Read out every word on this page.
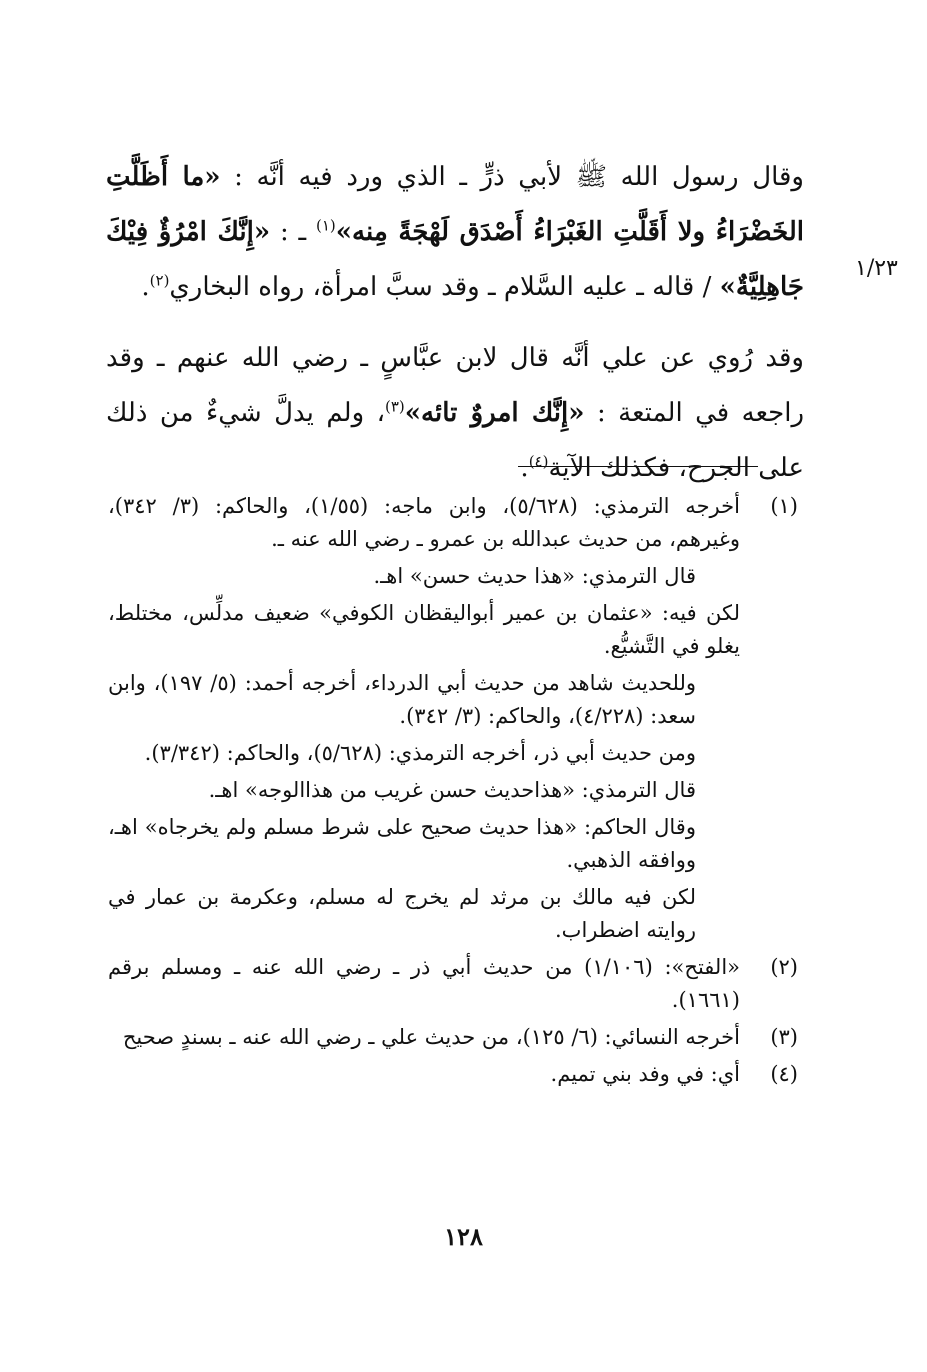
وقال رسول الله ﷺ لأبي ذرٍّ ـ الذي ورد فيه أنَّه : «ما أَظَلَّتِ الخَضْرَاءُ ولا أَقَلَّتِ الغَبْرَاءُ أَصْدَق لَهْجَةً مِنه»$^{(١)}$ ـ : «إِنَّكَ امْرُؤٌ فِيْكَ جَاهِلِيَّةٌ» / قاله ـ عليه السَّلام ـ وقد سبَّ امرأة، رواه البخاري$^{(٢)}$.

وقد رُوي عن علي أنَّه قال لابن عبَّاسٍ ـ رضي الله عنهم ـ وقد راجعه في المتعة : «إِنَّك امروٌ تائه»$^{(٣)}$، ولم يدلَّ شيءٌ من ذلك على الجرح، فكذلك الآية$^{(٤)}$.

١/٢٣
(١)

أخرجه الترمذي: (٥/٦٢٨)، وابن ماجه: (١/٥٥)، والحاكم: (٣/ ٣٤٢)، وغيرهم، من حديث عبدالله بن عمرو ـ رضي الله عنه ـ.

قال الترمذي: «هذا حديث حسن» اهـ.

لكن فيه: «عثمان بن عمير أبواليقظان الكوفي» ضعيف مدلِّس، مختلط، يغلو في التَّشيُّع.

وللحديث شاهد من حديث أبي الدرداء، أخرجه أحمد: (٥/ ١٩٧)، وابن سعد: (٤/٢٢٨)، والحاكم: (٣/ ٣٤٢).

ومن حديث أبي ذر، أخرجه الترمذي: (٥/٦٢٨)، والحاكم: (٣/٣٤٢).

قال الترمذي: «هذاحديث حسن غريب من هذاالوجه» اهـ.

وقال الحاكم: «هذا حديث صحيح على شرط مسلم ولم يخرجاه» اهـ، ووافقه الذهبي.

لكن فيه مالك بن مرثد لم يخرج له مسلم، وعكرمة بن عمار في روايته اضطراب.

(٢)

«الفتح»: (١/١٠٦) من حديث أبي ذر ـ رضي الله عنه ـ ومسلم برقم (١٦٦١).

(٣)

أخرجه النسائي: (٦/ ١٢٥)، من حديث علي ـ رضي الله عنه ـ بسندٍ صحيح

(٤)

أي: في وفد بني تميم.

١٢٨
